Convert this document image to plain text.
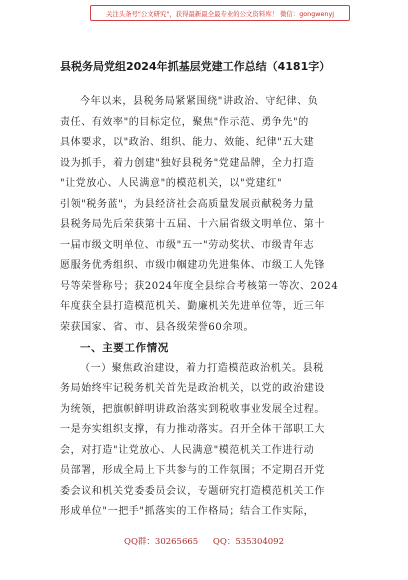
关注头条号"公文研究"，获得最新最全最专业的公文资料库！ 微信：gongwenyj
县税务局党组2024年抓基层党建工作总结（4181字）
今年以来，县税务局紧紧围绕"讲政治、守纪律、负
责任、有效率"的目标定位，聚焦"作示范、勇争先"的
具体要求，以"政治、组织、能力、效能、纪律"五大建
设为抓手，着力创建"独好县税务"党建品牌，全力打造
"让党放心、人民满意"的模范机关，以"党建红"
引领"税务蓝"，为县经济社会高质量发展贡献税务力量
县税务局先后荣获第十五届、十六届省级文明单位、第十
一届市级文明单位、市级"五一"劳动奖状、市级青年志
愿服务优秀组织、市级巾帼建功先进集体、市级工人先锋
号等荣誉称号；获2024年度全县综合考核第一等次、2024
年度获全县打造模范机关、勤廉机关先进单位等，近三年
荣获国家、省、市、县各级荣誉60余项。
一、主要工作情况
（一）聚焦政治建设，着力打造模范政治机关。县税
务局始终牢记税务机关首先是政治机关，以党的政治建设
为统领，把旗帜鲜明讲政治落实到税收事业发展全过程。
一是夯实组织支撑，有力推动落实。召开全体干部职工大
会，对打造"让党放心、人民满意"模范机关工作进行动
员部署，形成全局上下共参与的工作氛围；不定期召开党
委会议和机关党委委员会议，专题研究打造模范机关工作
形成单位"一把手"抓落实的工作格局；结合工作实际，
QQ群：30265665 QQ：535304092
